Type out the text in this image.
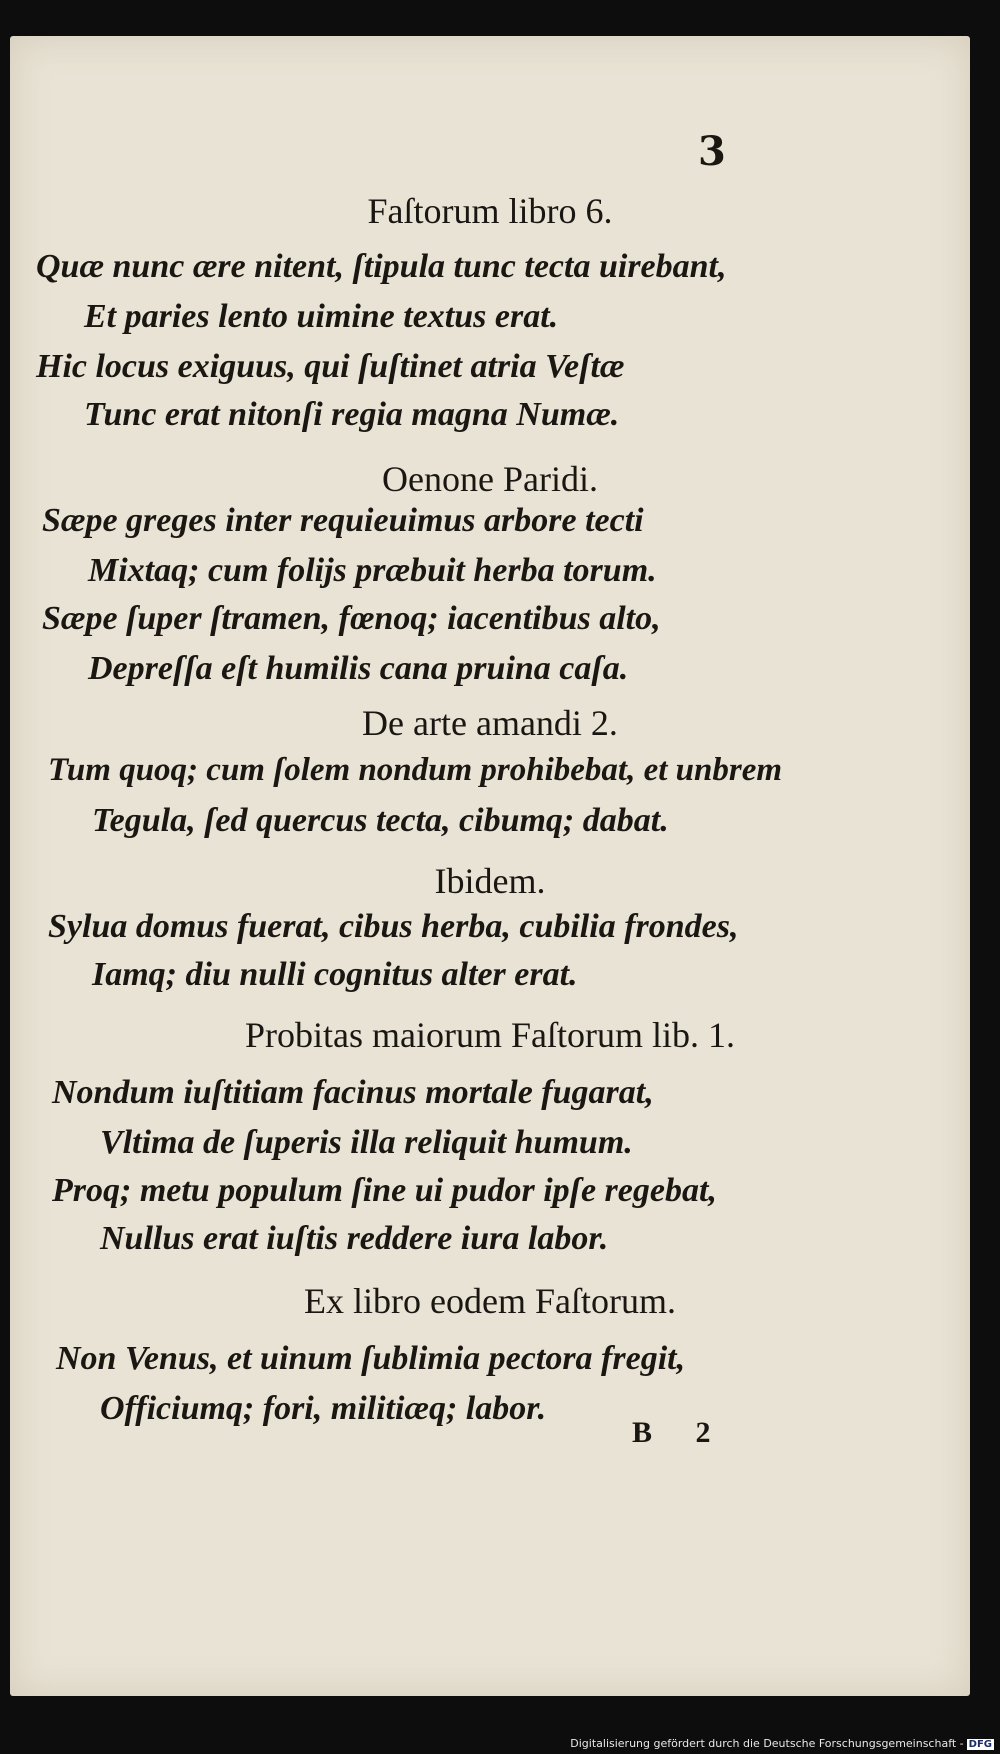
3
Faſtorum libro 6.
Quæ nunc ære nitent, ſtipula tunc tecta uirebant,
Et paries lento uimine textus erat.
Hic locus exiguus, qui ſuſtinet atria Veſtæ
Tunc erat nitonſi regia magna Numæ.
Oenone Paridi.
Sæpe greges inter requieuimus arbore tecti
Mixtaq; cum folijs præbuit herba torum.
Sæpe ſuper ſtramen, fœnoq; iacentibus alto,
Depreſſa eſt humilis cana pruina caſa.
De arte amandi 2.
Tum quoq; cum ſolem nondum prohibebat, et unbrem
Tegula, ſed quercus tecta, cibumq; dabat.
Ibidem.
Sylua domus fuerat, cibus herba, cubilia frondes,
Iamq; diu nulli cognitus alter erat.
Probitas maiorum Faſtorum lib. 1.
Nondum iuſtitiam facinus mortale fugarat,
Vltima de ſuperis illa reliquit humum.
Proq; metu populum ſine ui pudor ipſe regebat,
Nullus erat iuſtis reddere iura labor.
Ex libro eodem Faſtorum.
Non Venus, et uinum ſublimia pectora fregit,
Officiumq; fori, militiæq; labor.
B 2
Digitalisierung gefördert durch die Deutsche Forschungsgemeinschaft - DFG
